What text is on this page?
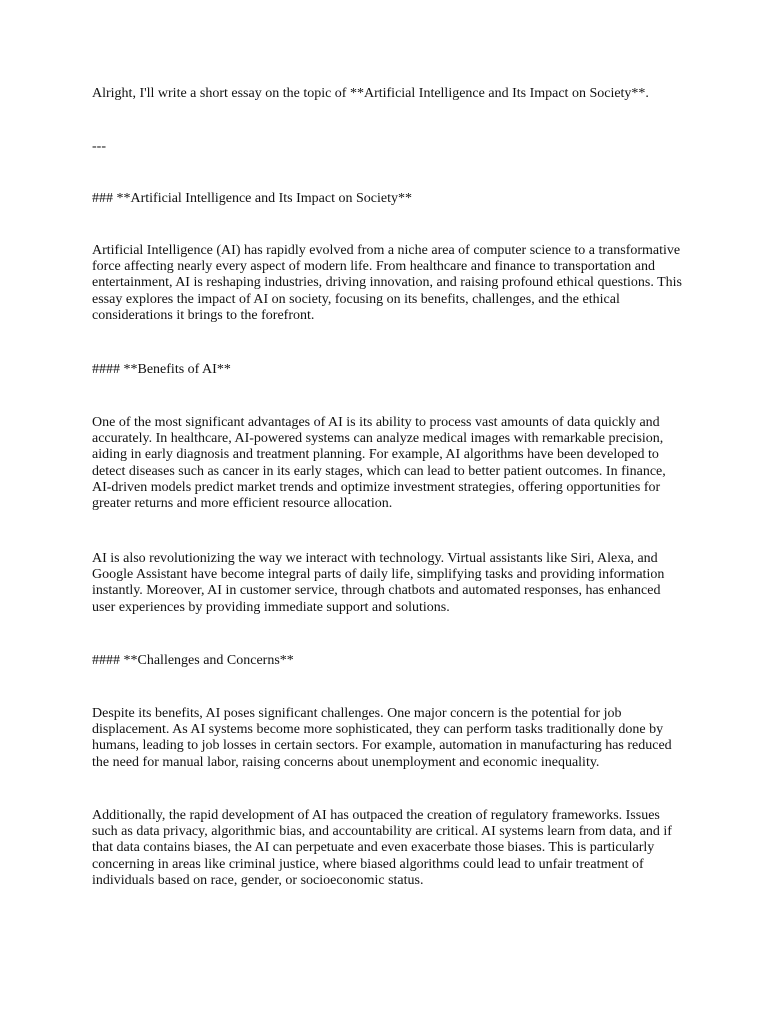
Alright, I'll write a short essay on the topic of **Artificial Intelligence and Its Impact on Society**.

---

### **Artificial Intelligence and Its Impact on Society**

Artificial Intelligence (AI) has rapidly evolved from a niche area of computer science to a transformative force affecting nearly every aspect of modern life. From healthcare and finance to transportation and entertainment, AI is reshaping industries, driving innovation, and raising profound ethical questions. This essay explores the impact of AI on society, focusing on its benefits, challenges, and the ethical considerations it brings to the forefront.

#### **Benefits of AI**

One of the most significant advantages of AI is its ability to process vast amounts of data quickly and accurately. In healthcare, AI-powered systems can analyze medical images with remarkable precision, aiding in early diagnosis and treatment planning. For example, AI algorithms have been developed to detect diseases such as cancer in its early stages, which can lead to better patient outcomes. In finance, AI-driven models predict market trends and optimize investment strategies, offering opportunities for greater returns and more efficient resource allocation.

AI is also revolutionizing the way we interact with technology. Virtual assistants like Siri, Alexa, and Google Assistant have become integral parts of daily life, simplifying tasks and providing information instantly. Moreover, AI in customer service, through chatbots and automated responses, has enhanced user experiences by providing immediate support and solutions.

#### **Challenges and Concerns**

Despite its benefits, AI poses significant challenges. One major concern is the potential for job displacement. As AI systems become more sophisticated, they can perform tasks traditionally done by humans, leading to job losses in certain sectors. For example, automation in manufacturing has reduced the need for manual labor, raising concerns about unemployment and economic inequality.

Additionally, the rapid development of AI has outpaced the creation of regulatory frameworks. Issues such as data privacy, algorithmic bias, and accountability are critical. AI systems learn from data, and if that data contains biases, the AI can perpetuate and even exacerbate those biases. This is particularly concerning in areas like criminal justice, where biased algorithms could lead to unfair treatment of individuals based on race, gender, or socioeconomic status.
